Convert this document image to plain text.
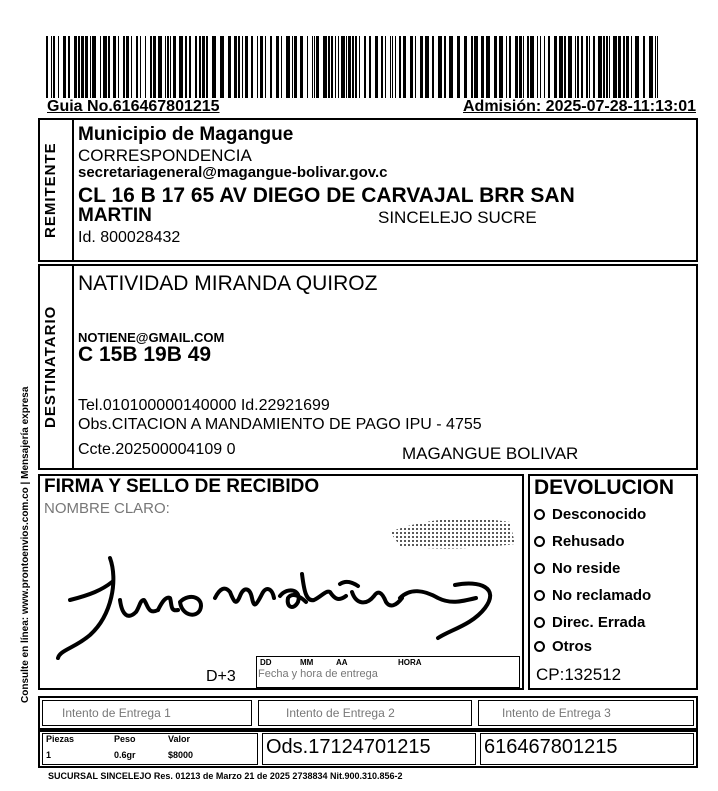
Guia No.616467801215	Admisión: 2025-07-28-11:13:01
REMITENTE
Municipio de Magangue
CORRESPONDENCIA
secretariageneral@magangue-bolivar.gov.c
CL 16 B 17 65 AV DIEGO DE CARVAJAL BRR SAN
MARTIN	SINCELEJO SUCRE
Id. 800028432
DESTINATARIO
NATIVIDAD MIRANDA QUIROZ
NOTIENE@GMAIL.COM
C 15B 19B 49
Tel.010100000140000 Id.22921699
Obs.CITACION A MANDAMIENTO DE PAGO IPU - 4755
Ccte.202500004109 0	MAGANGUE BOLIVAR
Consulte en línea: www.prontoenvios.com.co | Mensajería expresa FIRMA Y SELLO DE RECIBIDO
NOMBRE CLARO:
D+3
DD	MM	AA	HORA
Fecha y hora de entrega
DEVOLUCION
Desconocido
Rehusado
No reside
No reclamado
Direc. Errada
Otros
CP:132512
Intento de Entrega 1	Intento de Entrega 2	Intento de Entrega 3
Piezas	Peso	Valor
1	0.6gr	$8000	Ods.17124701215	616467801215
SUCURSAL SINCELEJO Res. 01213 de Marzo 21 de 2025 2738834 Nit.900.310.856-2
